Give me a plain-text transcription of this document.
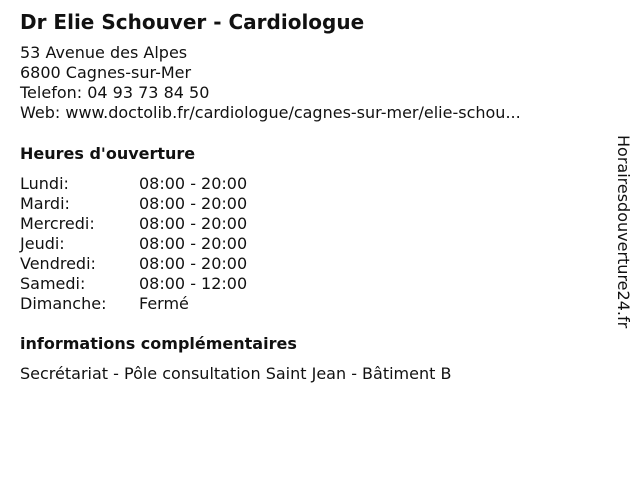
Dr Elie Schouver - Cardiologue
53 Avenue des Alpes
6800 Cagnes-sur-Mer
Telefon: 04 93 73 84 50
Web: www.doctolib.fr/cardiologue/cagnes-sur-mer/elie-schou...
Heures d'ouverture
Lundi:	08:00 - 20:00
Mardi:	08:00 - 20:00
Mercredi:	08:00 - 20:00
Jeudi:	08:00 - 20:00
Vendredi:	08:00 - 20:00
Samedi:	08:00 - 12:00
Dimanche:	Fermé
informations complémentaires
Secrétariat - Pôle consultation Saint Jean - Bâtiment B
Horairesdouverture24.fr
